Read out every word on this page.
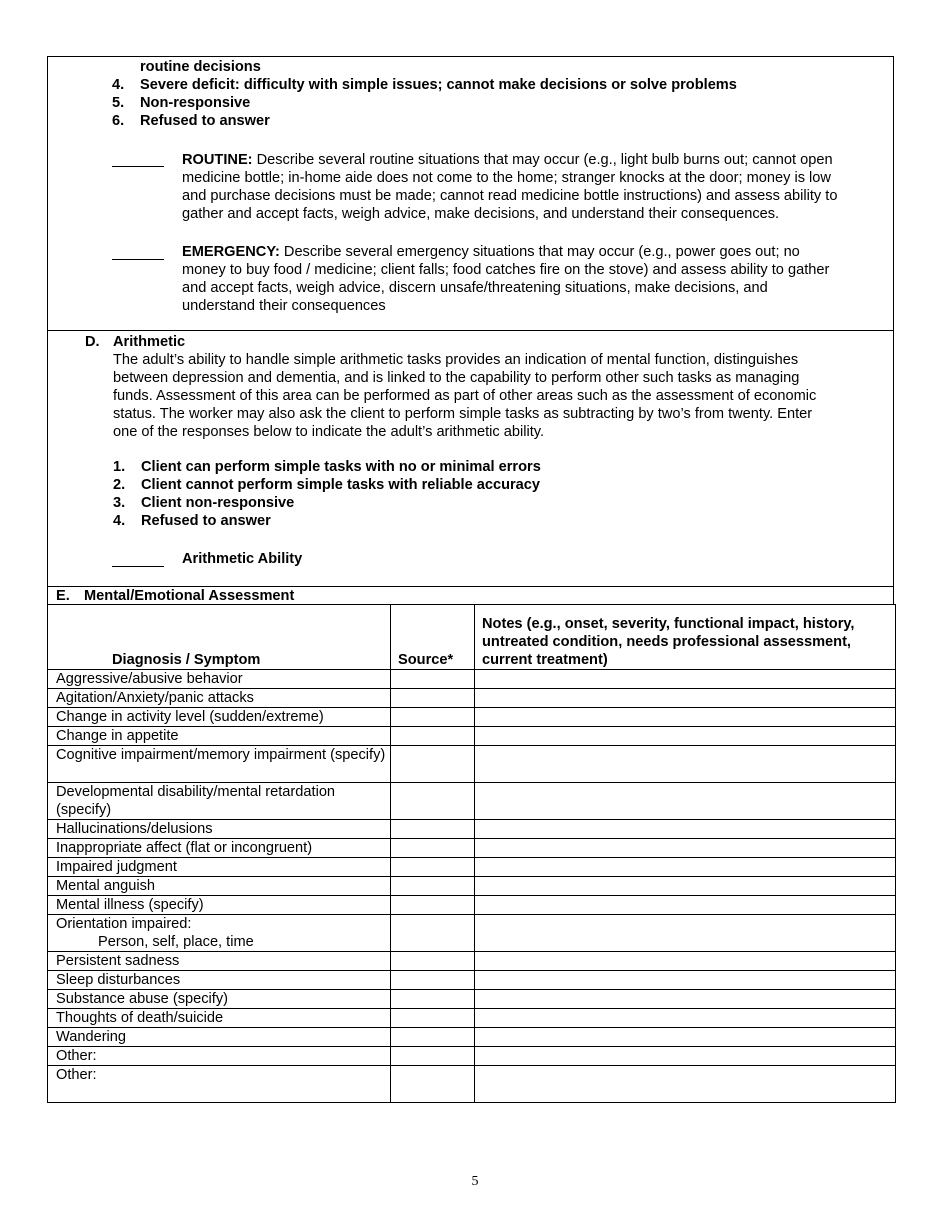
routine decisions
4.	Severe deficit: difficulty with simple issues; cannot make decisions or solve problems
5.	Non-responsive
6.	Refused to answer
ROUTINE: Describe several routine situations that may occur (e.g., light bulb burns out; cannot open
medicine bottle; in-home aide does not come to the home; stranger knocks at the door; money is low
and purchase decisions must be made; cannot read medicine bottle instructions) and assess ability to
gather and accept facts, weigh advice, make decisions, and understand their consequences.
EMERGENCY: Describe several emergency situations that may occur (e.g., power goes out; no
money to buy food / medicine; client falls; food catches fire on the stove) and assess ability to gather
and accept facts, weigh advice, discern unsafe/threatening situations, make decisions, and
understand their consequences
D. Arithmetic
The adult’s ability to handle simple arithmetic tasks provides an indication of mental function, distinguishes
between depression and dementia, and is linked to the capability to perform other such tasks as managing
funds. Assessment of this area can be performed as part of other areas such as the assessment of economic
status. The worker may also ask the client to perform simple tasks as subtracting by two’s from twenty. Enter
one of the responses below to indicate the adult’s arithmetic ability.
1.	Client can perform simple tasks with no or minimal errors
2.	Client cannot perform simple tasks with reliable accuracy
3.	Client non-responsive
4.	Refused to answer
Arithmetic Ability
E. Mental/Emotional Assessment
Diagnosis / Symptom	Source*	Notes (e.g., onset, severity, functional impact, history,
untreated condition, needs professional assessment,
current treatment)

Aggressive/abusive behavior		
Agitation/Anxiety/panic attacks		
Change in activity level (sudden/extreme)		
Change in appetite		
Cognitive impairment/memory impairment (specify)		
Developmental disability/mental retardation (specify)		
Hallucinations/delusions		
Inappropriate affect (flat or incongruent)		
Impaired judgment		
Mental anguish		
Mental illness (specify)		
Orientation impaired:
Person, self, place, time		

Persistent sadness		
Sleep disturbances		
Substance abuse (specify)		
Thoughts of death/suicide		
Wandering		
Other:		
Other:		
5
